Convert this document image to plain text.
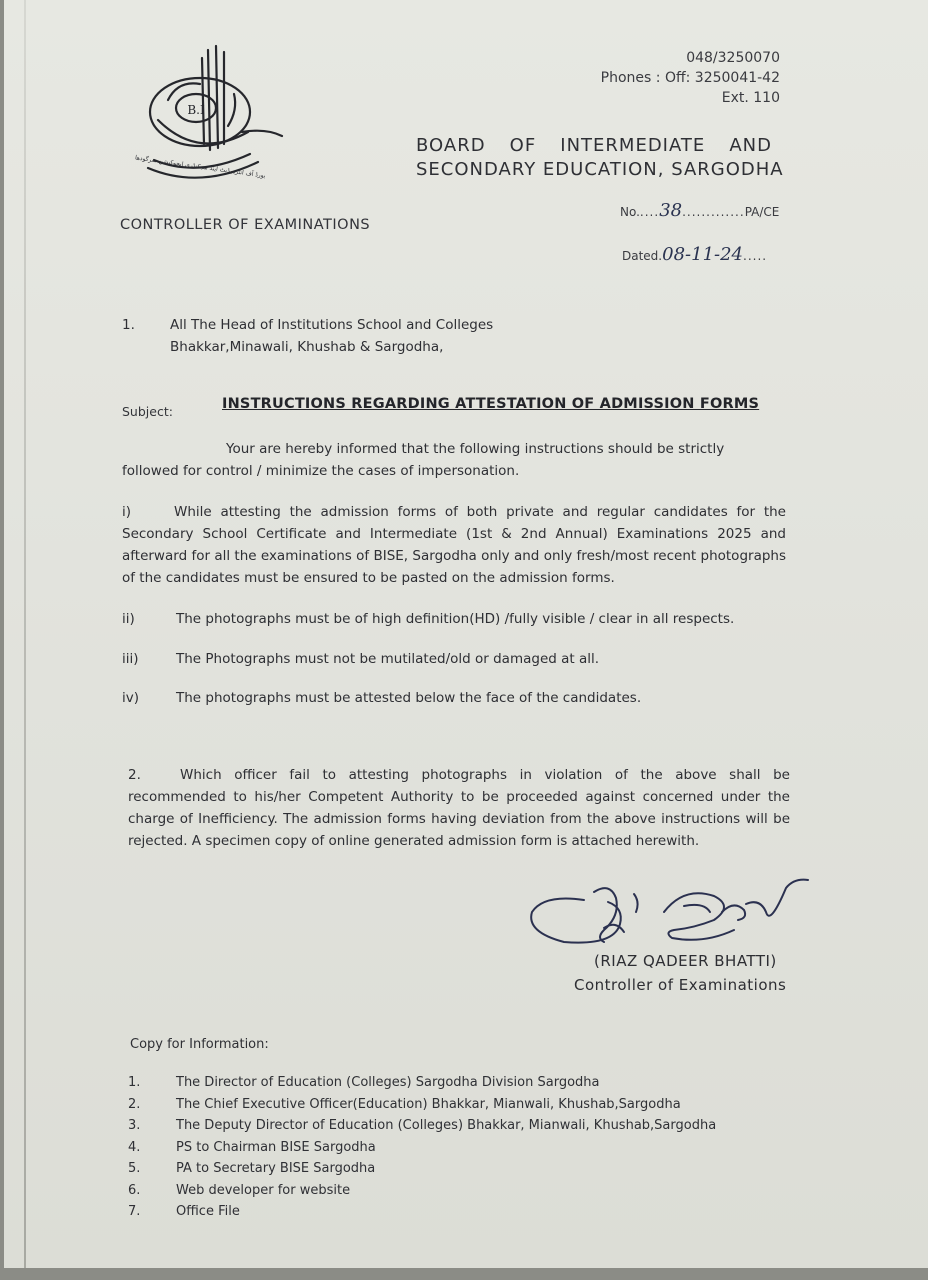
B.I
بورڈ آف انٹرمیڈیٹ اینڈ سیکنڈری ایجوکیشن سرگودھا
048/3250070
Phones : Off: 3250041-42
Ext. 110
BOARD OF INTERMEDIATE AND
SECONDARY EDUCATION, SARGODHA
CONTROLLER OF EXAMINATIONS
No.....38.............PA/CE
Dated.08-11-24.....
1.	All The Head of Institutions School and Colleges
Bhakkar,Minawali, Khushab & Sargodha,
Subject:	INSTRUCTIONS REGARDING ATTESTATION OF ADMISSION FORMS
Your are hereby informed that the following instructions should be strictly
followed for control / minimize the cases of impersonation.
i)	While attesting the admission forms of both private and regular candidates for the Secondary School Certificate and Intermediate (1st & 2nd Annual) Examinations 2025 and afterward for all the examinations of BISE, Sargodha only and only fresh/most recent photographs of the candidates must be ensured to be pasted on the admission forms.
ii)	The photographs must be of high definition(HD) /fully visible / clear in all respects.
iii)	The Photographs must not be mutilated/old or damaged at all.
iv)	The photographs must be attested below the face of the candidates.
2.	Which officer fail to attesting photographs in violation of the above shall be recommended to his/her Competent Authority to be proceeded against concerned under the charge of Inefficiency. The admission forms having deviation from the above instructions will be rejected. A specimen copy of online generated admission form is attached herewith.
(RIAZ QADEER BHATTI)
Controller of Examinations
Copy for Information:
1.	The Director of Education (Colleges) Sargodha Division Sargodha
2.	The Chief Executive Officer(Education) Bhakkar, Mianwali, Khushab,Sargodha
3.	The Deputy Director of Education (Colleges) Bhakkar, Mianwali, Khushab,Sargodha
4.	PS to Chairman BISE Sargodha
5.	PA to Secretary BISE Sargodha
6.	Web developer for website
7.	Office File
